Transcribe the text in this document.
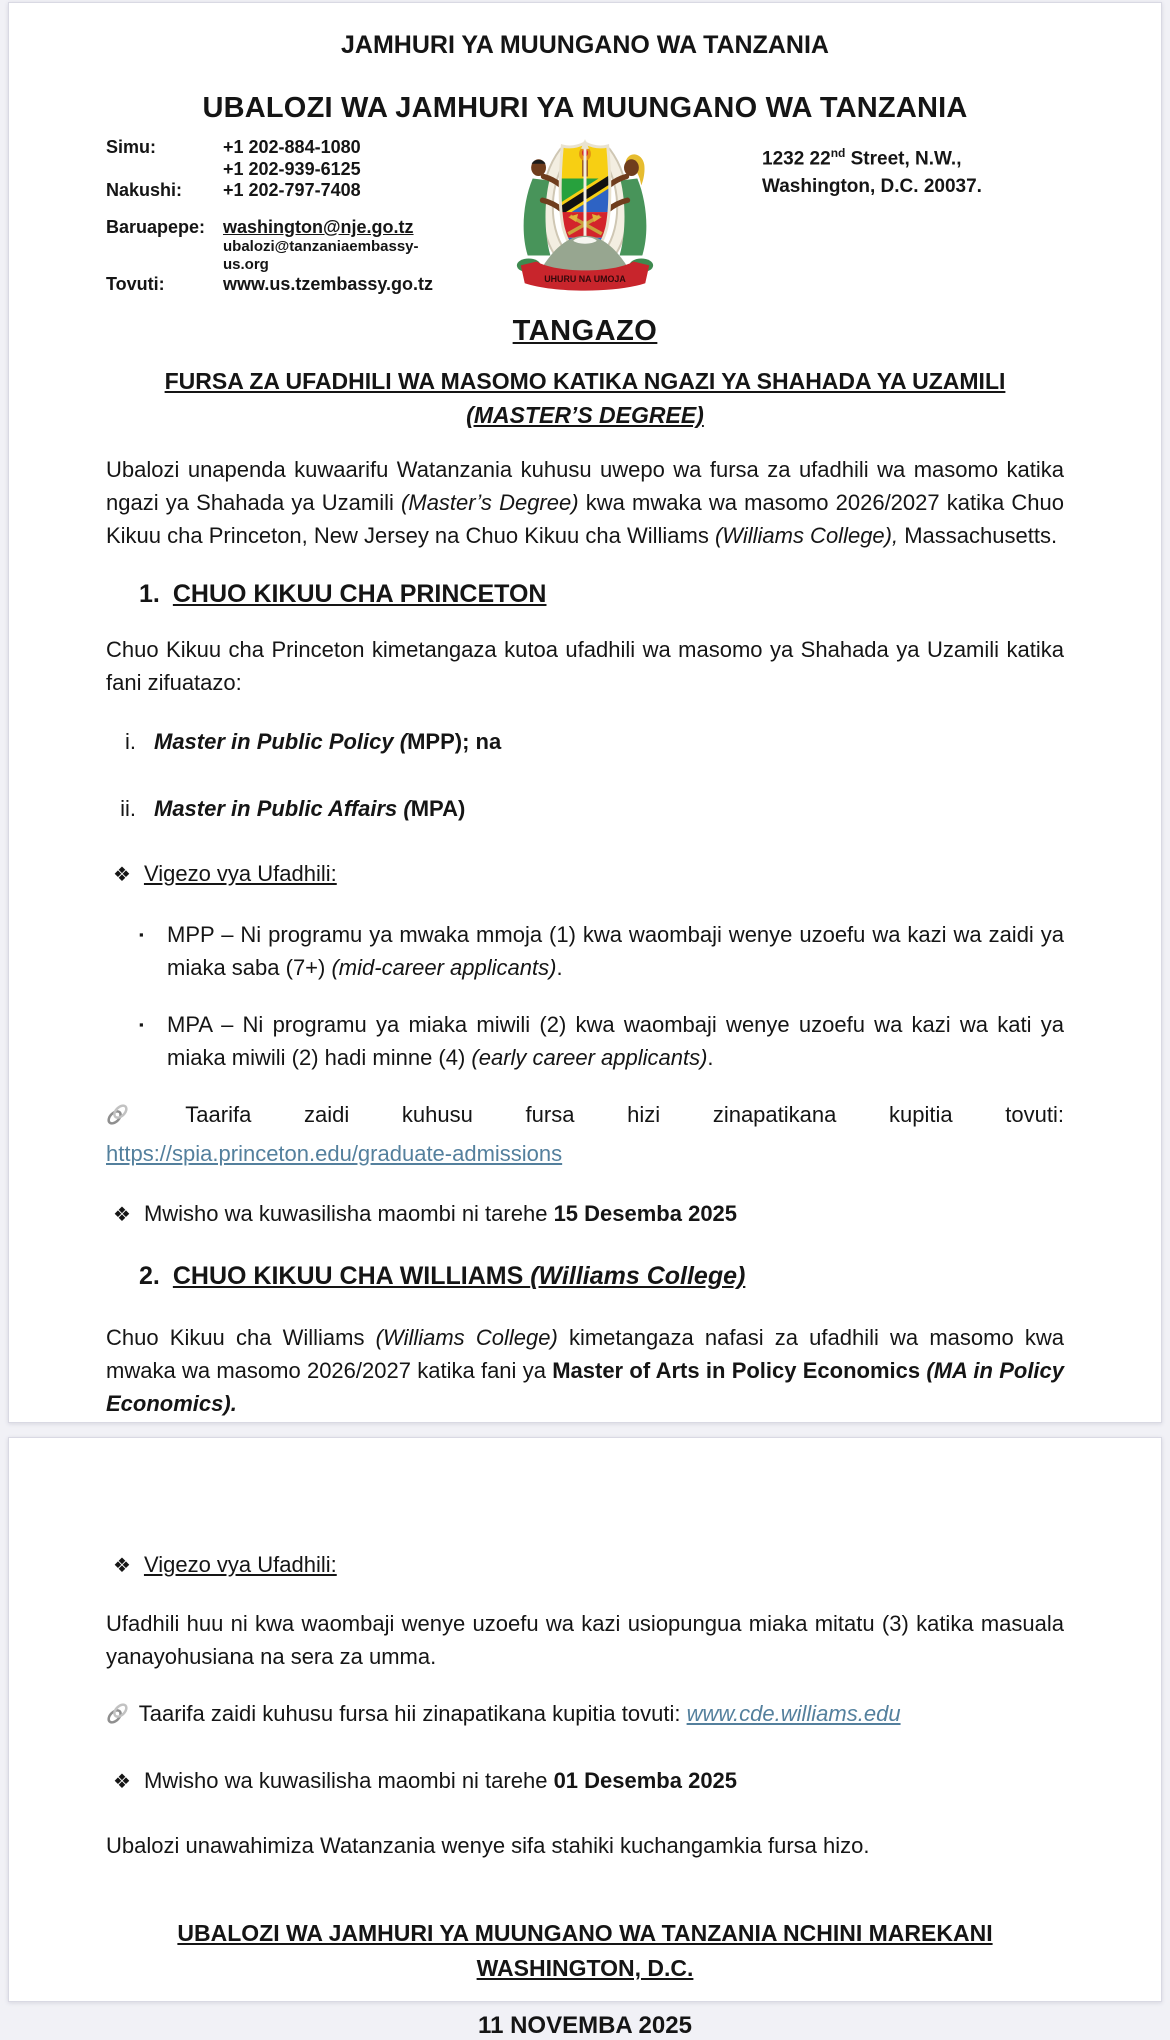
JAMHURI YA MUUNGANO WA TANZANIA
UBALOZI WA JAMHURI YA MUUNGANO WA TANZANIA
Simu:	+1 202-884-1080
+1 202-939-6125
Nakushi:	+1 202-797-7408
Baruapepe: washington@nje.go.tz
ubalozi@tanzaniaembassy-us.org
Tovuti:	www.us.tzembassy.go.tz	UHURU NA UMOJA
1232 22nd Street, N.W.,
Washington, D.C. 20037.
TANGAZO
FURSA ZA UFADHILI WA MASOMO KATIKA NGAZI YA SHAHADA YA UZAMILI
(MASTER’S DEGREE)

Ubalozi unapenda kuwaarifu Watanzania kuhusu uwepo wa fursa za ufadhili wa masomo katika ngazi ya Shahada ya Uzamili (Master’s Degree) kwa mwaka wa masomo 2026/2027 katika Chuo Kikuu cha Princeton, New Jersey na Chuo Kikuu cha Williams (Williams College), Massachusetts.

1. CHUO KIKUU CHA PRINCETON

Chuo Kikuu cha Princeton kimetangaza kutoa ufadhili wa masomo ya Shahada ya Uzamili katika fani zifuatazo:

i. Master in Public Policy (MPP); na
ii. Master in Public Affairs (MPA)
❖ Vigezo vya Ufadhili:
▪	MPP – Ni programu ya mwaka mmoja (1) kwa waombaji wenye uzoefu wa kazi wa zaidi ya miaka saba (7+) (mid-career applicants).
▪	MPA – Ni programu ya miaka miwili (2) kwa waombaji wenye uzoefu wa kazi wa kati ya miaka miwili (2) hadi minne (4) (early career applicants).
Taarifa zaidi kuhusu fursa hizi zinapatikana kupitia tovuti:
https://spia.princeton.edu/graduate-admissions
❖ Mwisho wa kuwasilisha maombi ni tarehe 15 Desemba 2025
2. CHUO KIKUU CHA WILLIAMS (Williams College)

Chuo Kikuu cha Williams (Williams College) kimetangaza nafasi za ufadhili wa masomo kwa mwaka wa masomo 2026/2027 katika fani ya Master of Arts in Policy Economics (MA in Policy Economics).

❖ Vigezo vya Ufadhili:

Ufadhili huu ni kwa waombaji wenye uzoefu wa kazi usiopungua miaka mitatu (3) katika masuala yanayohusiana na sera za umma.

Taarifa zaidi kuhusu fursa hii zinapatikana kupitia tovuti: www.cde.williams.edu
❖ Mwisho wa kuwasilisha maombi ni tarehe 01 Desemba 2025

Ubalozi unawahimiza Watanzania wenye sifa stahiki kuchangamkia fursa hizo.

UBALOZI WA JAMHURI YA MUUNGANO WA TANZANIA NCHINI MAREKANI
WASHINGTON, D.C.
11 NOVEMBA 2025
